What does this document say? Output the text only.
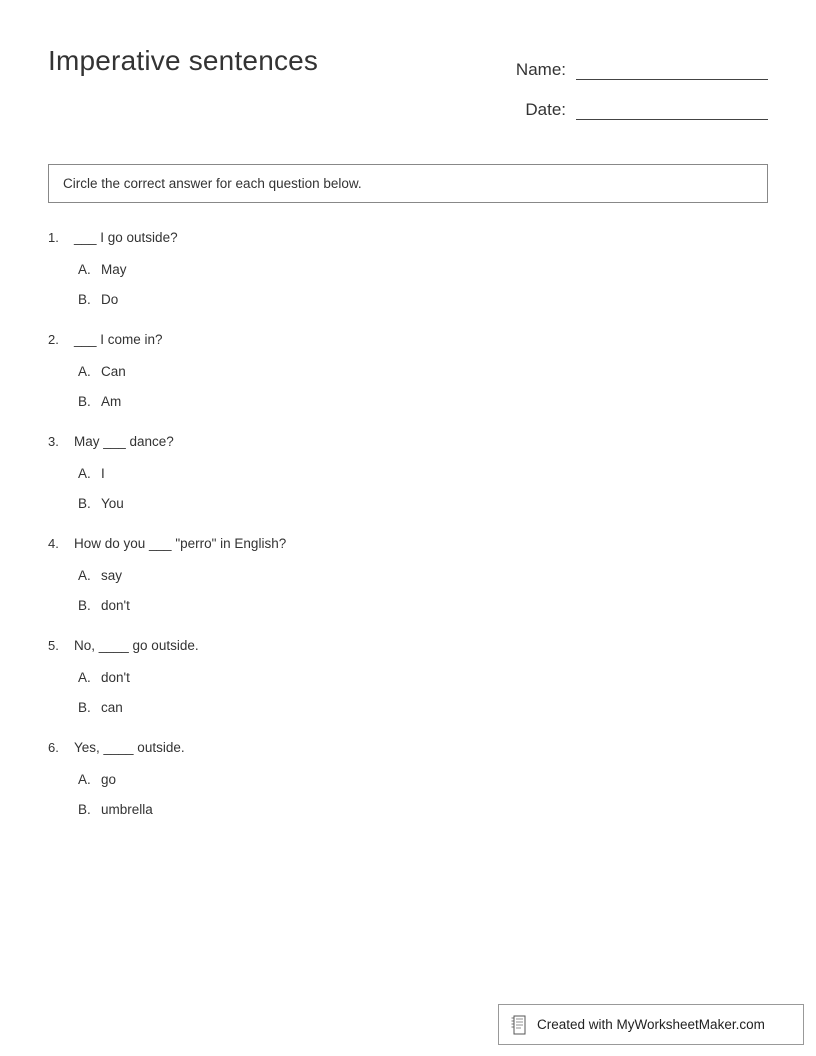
Imperative sentences	Name:
Date:
Circle the correct answer for each question below.
1.	___ I go outside?
A. May
B. Do
2.	___ I come in?
A. Can
B. Am
3.	May ___ dance?
A. I
B. You
4.	How do you ___ "perro" in English?
A. say
B. don't
5.	No, ____ go outside.
A. don't
B. can
6.	Yes, ____ outside.
A. go
B. umbrella
Created with MyWorksheetMaker.com
